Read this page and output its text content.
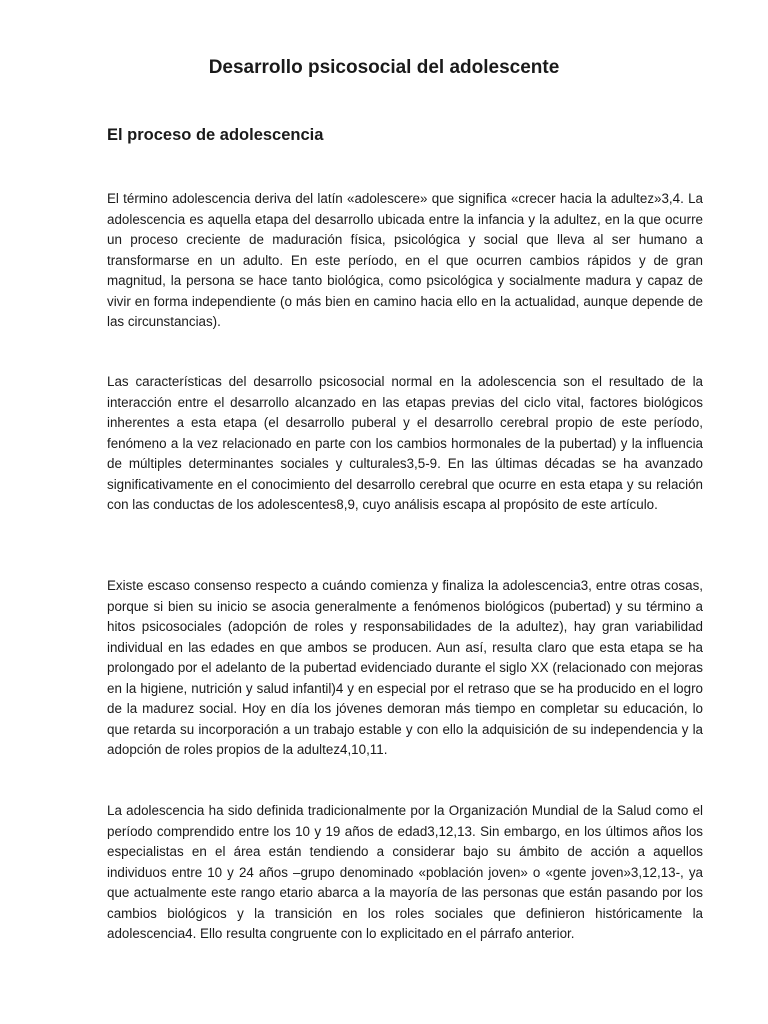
Desarrollo psicosocial del adolescente
El proceso de adolescencia

El término adolescencia deriva del latín «adolescere» que significa «crecer hacia la adultez»3,4. La adolescencia es aquella etapa del desarrollo ubicada entre la infancia y la adultez, en la que ocurre un proceso creciente de maduración física, psicológica y social que lleva al ser humano a transformarse en un adulto. En este período, en el que ocurren cambios rápidos y de gran magnitud, la persona se hace tanto biológica, como psicológica y socialmente madura y capaz de vivir en forma independiente (o más bien en camino hacia ello en la actualidad, aunque depende de las circunstancias).

Las características del desarrollo psicosocial normal en la adolescencia son el resultado de la interacción entre el desarrollo alcanzado en las etapas previas del ciclo vital, factores biológicos inherentes a esta etapa (el desarrollo puberal y el desarrollo cerebral propio de este período, fenómeno a la vez relacionado en parte con los cambios hormonales de la pubertad) y la influencia de múltiples determinantes sociales y culturales3,5-9. En las últimas décadas se ha avanzado significativamente en el conocimiento del desarrollo cerebral que ocurre en esta etapa y su relación con las conductas de los adolescentes8,9, cuyo análisis escapa al propósito de este artículo.

Existe escaso consenso respecto a cuándo comienza y finaliza la adolescencia3, entre otras cosas, porque si bien su inicio se asocia generalmente a fenómenos biológicos (pubertad) y su término a hitos psicosociales (adopción de roles y responsabilidades de la adultez), hay gran variabilidad individual en las edades en que ambos se producen. Aun así, resulta claro que esta etapa se ha prolongado por el adelanto de la pubertad evidenciado durante el siglo XX (relacionado con mejoras en la higiene, nutrición y salud infantil)4 y en especial por el retraso que se ha producido en el logro de la madurez social. Hoy en día los jóvenes demoran más tiempo en completar su educación, lo que retarda su incorporación a un trabajo estable y con ello la adquisición de su independencia y la adopción de roles propios de la adultez4,10,11.

La adolescencia ha sido definida tradicionalmente por la Organización Mundial de la Salud como el período comprendido entre los 10 y 19 años de edad3,12,13. Sin embargo, en los últimos años los especialistas en el área están tendiendo a considerar bajo su ámbito de acción a aquellos individuos entre 10 y 24 años –grupo denominado «población joven» o «gente joven»3,12,13-, ya que actualmente este rango etario abarca a la mayoría de las personas que están pasando por los cambios biológicos y la transición en los roles sociales que definieron históricamente la adolescencia4. Ello resulta congruente con lo explicitado en el párrafo anterior.
